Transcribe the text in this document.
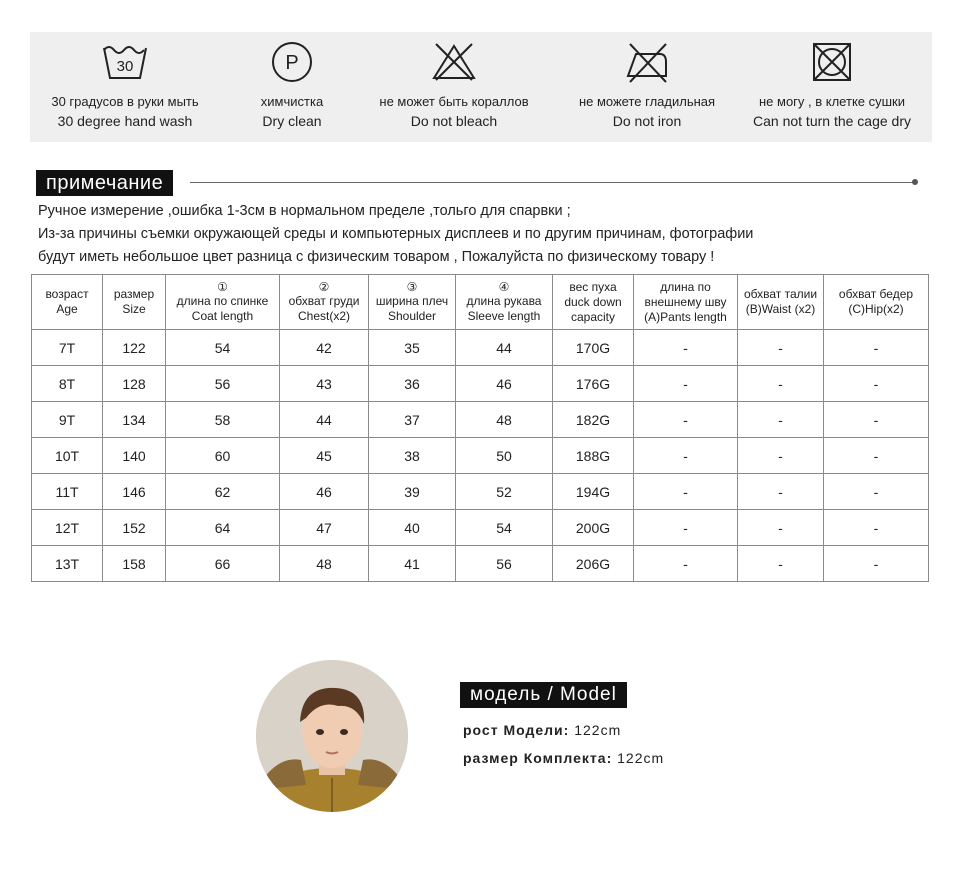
30
30 градусов в руки мыть
30 degree hand wash
P
химчистка
Dry clean
не может быть кораллов
Do not bleach
не можете гладильная
Do not iron
не могу , в клетке сушки
Can not turn the cage dry
примечание
Ручное измерение ,ошибка 1-3см в нормальном пределе ,тольго для спарвки ;
Из-за причины съемки окружающей среды и компьютерных дисплеев и по другим причинам, фотографии
будут иметь небольшое цвет разница с физическим товаром , Пожалуйста по физическому товару !
возраст
Age	размер
Size	①
длина по спинке
Coat length	②
обхват груди
Chest(x2)	③
ширина плеч
Shoulder	④
длина рукава
Sleeve length	вес пуха
duck down
capacity	длина по
внешнему шву
(A)Pants length	обхват талии
(B)Waist (x2)	обхват бедер
(C)Hip(x2)

7T	122	54	42	35	44	170G	-	-	-
8T	128	56	43	36	46	176G	-	-	-
9T	134	58	44	37	48	182G	-	-	-
10T	140	60	45	38	50	188G	-	-	-
11T	146	62	46	39	52	194G	-	-	-
12T	152	64	47	40	54	200G	-	-	-
13T	158	66	48	41	56	206G	-	-	-
модель / Model
рост Модели: 122cm
размер Комплекта: 122cm
